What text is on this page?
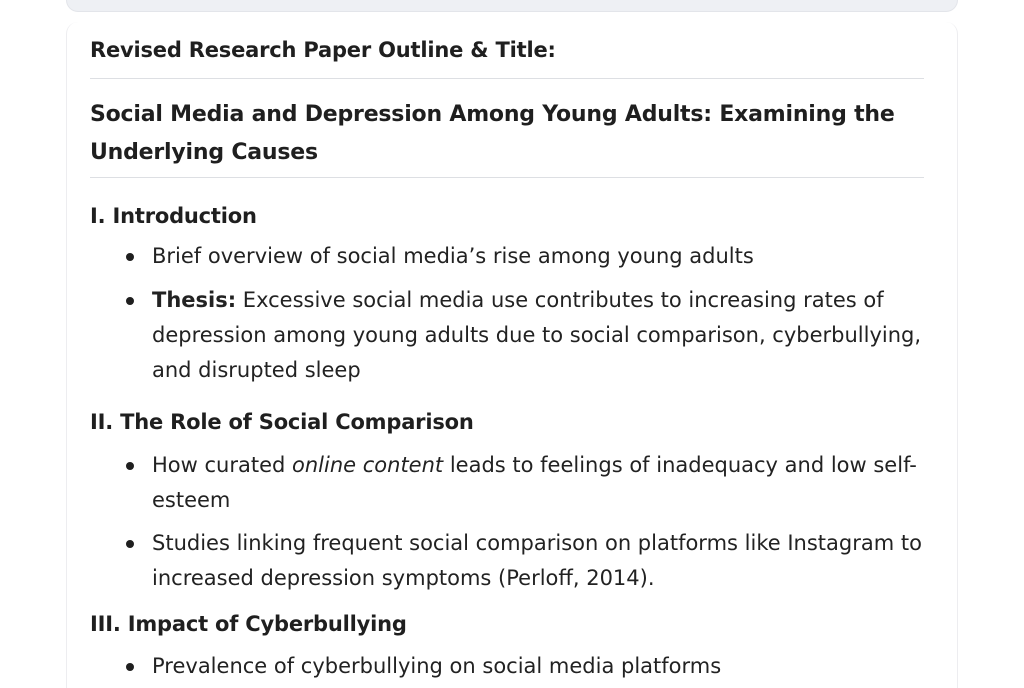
Revised Research Paper Outline & Title:
Social Media and Depression Among Young Adults: Examining the Underlying Causes
I. Introduction
Brief overview of social media’s rise among young adults
Thesis: Excessive social media use contributes to increasing rates of depression among young adults due to social comparison, cyberbullying, and disrupted sleep
II. The Role of Social Comparison
How curated online content leads to feelings of inadequacy and low self-esteem
Studies linking frequent social comparison on platforms like Instagram to increased depression symptoms (Perloff, 2014).
III. Impact of Cyberbullying
Prevalence of cyberbullying on social media platforms
